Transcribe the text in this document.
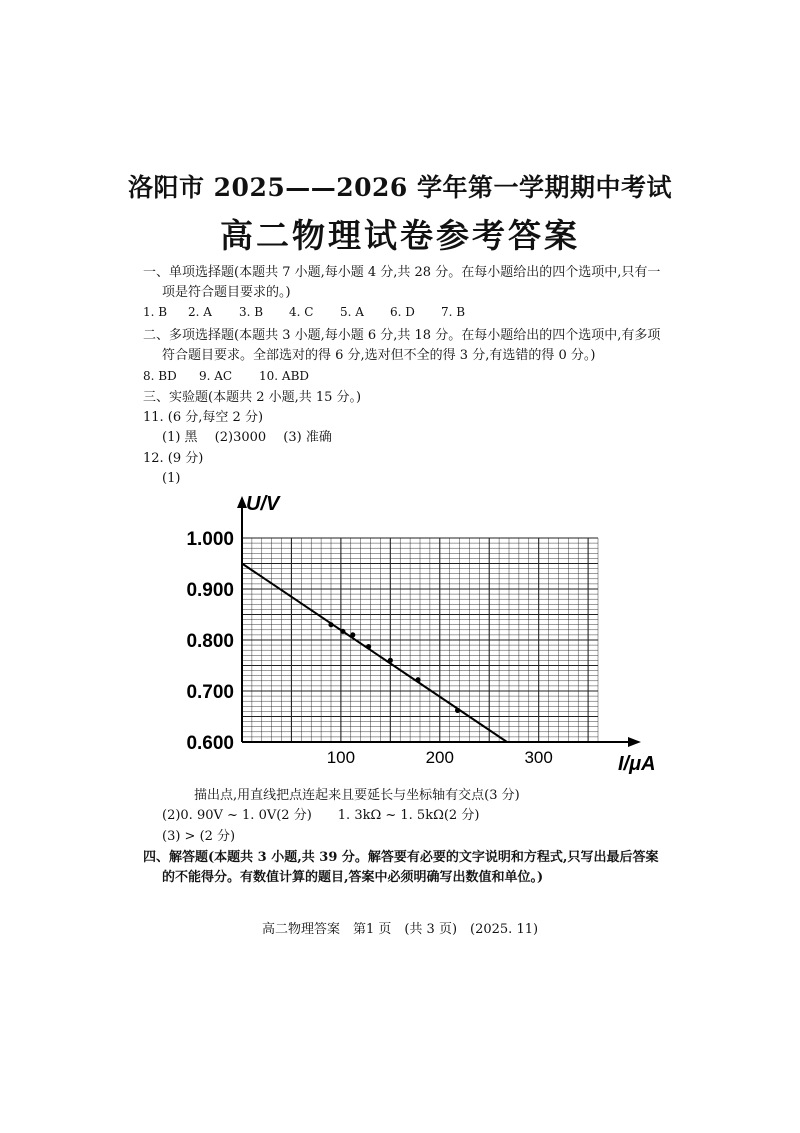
洛阳市 2025——2026 学年第一学期期中考试
高二物理试卷参考答案
一、单项选择题(本题共 7 小题,每小题 4 分,共 28 分。在每小题给出的四个选项中,只有一
项是符合题目要求的。)
1. B 2. A 3. B 4. C 5. A 6. D 7. B
二、多项选择题(本题共 3 小题,每小题 6 分,共 18 分。在每小题给出的四个选项中,有多项
符合题目要求。全部选对的得 6 分,选对但不全的得 3 分,有选错的得 0 分。)
8. BD 9. AC 10. ABD
三、实验题(本题共 2 小题,共 15 分。)
11. (6 分,每空 2 分)
(1) 黑　 (2)3000　 (3) 准确
12. (9 分)
(1)
0.600
0.700
0.800
0.900
1.000
100	200	300
U/V
I/μA
描出点,用直线把点连起来且要延长与坐标轴有交点(3 分)
(2)0. 90V ~ 1. 0V(2 分)　　1. 3kΩ ~ 1. 5kΩ(2 分)
(3) > (2 分)
四、解答题(本题共 3 小题,共 39 分。解答要有必要的文字说明和方程式,只写出最后答案
的不能得分。有数值计算的题目,答案中必须明确写出数值和单位。)
高二物理答案　第1 页　(共 3 页)　(2025. 11)
